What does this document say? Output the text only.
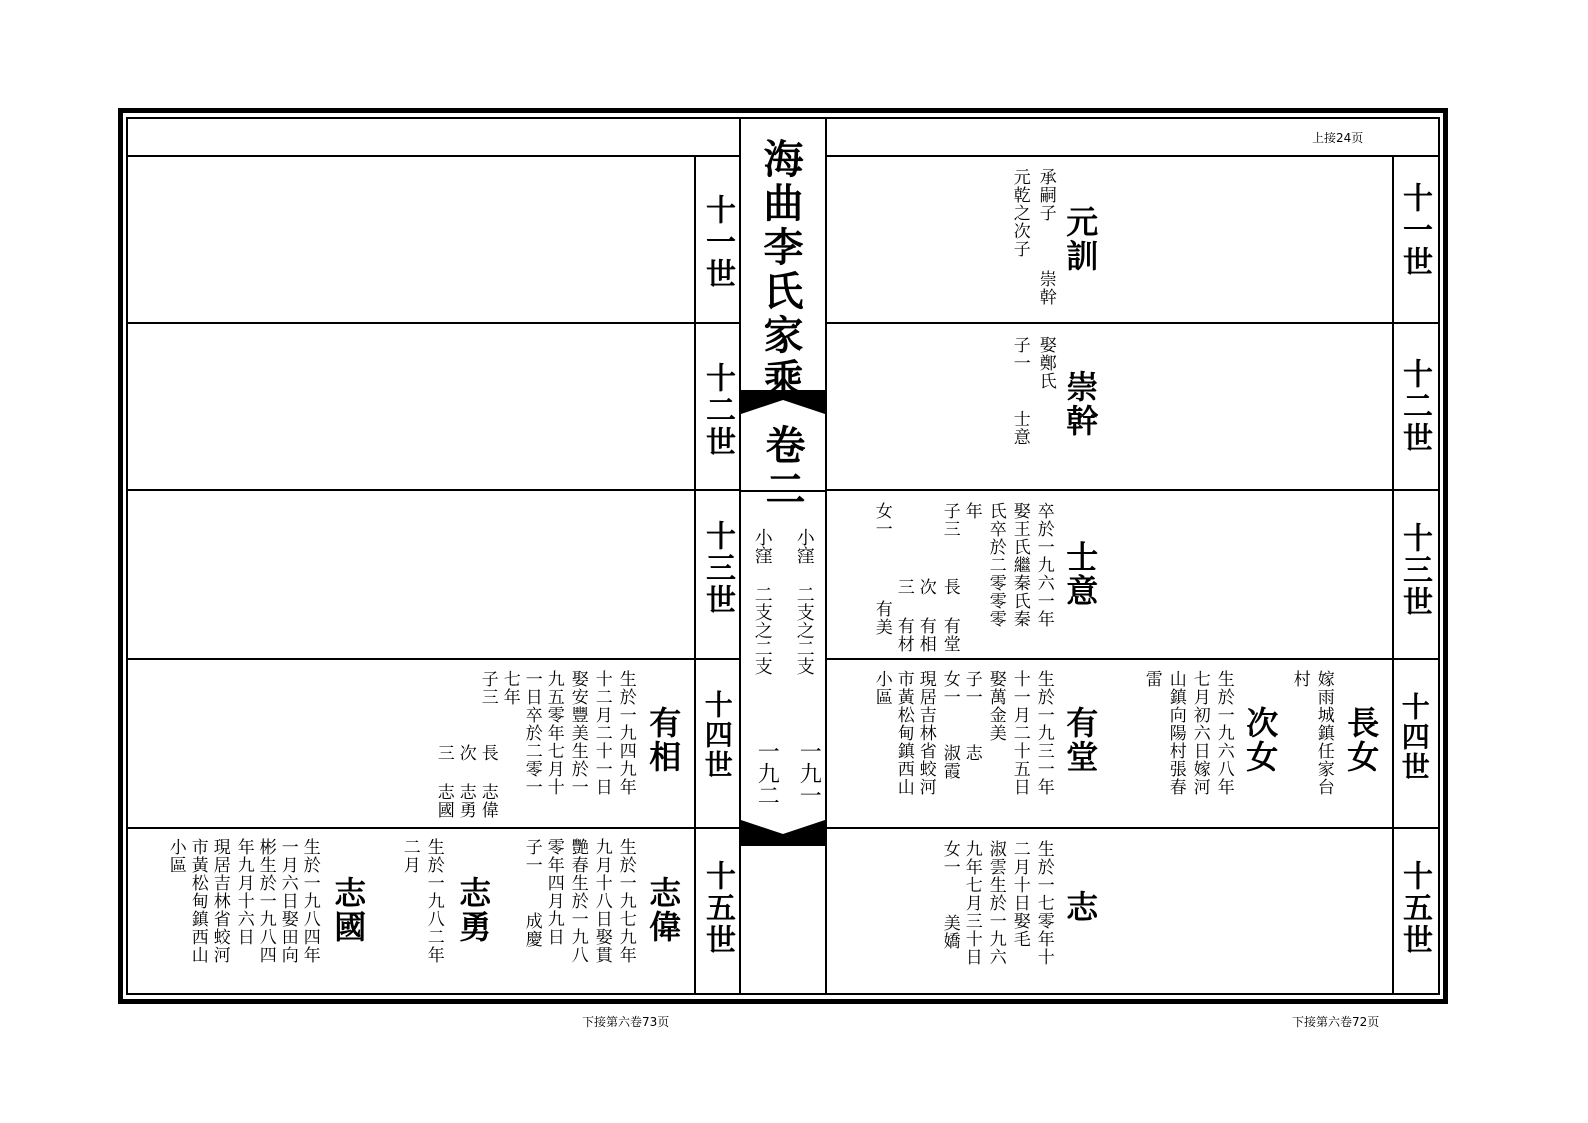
海曲李氏家乘
卷二
小窪 二支之二支
小窪 二支之二支
一九一
一九二
十一世
十二世
十三世
十四世
十五世
十一世
十二世
十三世
十四世
十五世
上接24页
下接第六卷72页
下接第六卷73页
元訓
承嗣子
元乾之次子
崇幹
崇幹
娶鄭氏
子一
士意
士意
卒於一九六一年
娶王氏繼秦氏秦
氏卒於二零零零
年
子三
長 有堂
次 有相
三 有材
女一
有美
有堂
生於一九三一年
十一月二十五日
娶萬金美
子一
女一
志
淑霞
現居吉林省蛟河
市黃松甸鎮西山
小區
長女
嫁雨城鎮任家台
村
次女
生於一九六八年
七月初六日嫁河
山鎮向陽村張春
雷
志
生於一七零年十
二月十日娶毛
淑雲生於一九六
九年七月三十日
女一
美嬌
有相
生於一九四九年
十二月二十一日
娶安豐美生於一
九五零年七月十
一日卒於二零一
七年
子三
長 志偉
次 志勇
三 志國
志偉
生於一九七九年
九月十八日娶貫
艷春生於一九八
零年四月九日
子一
成慶
志勇
生於一九八二年
二月
志國
生於一九八四年
一月六日娶田向
彬生於一九八四
年九月十六日
現居吉林省蛟河
市黃松甸鎮西山
小區
